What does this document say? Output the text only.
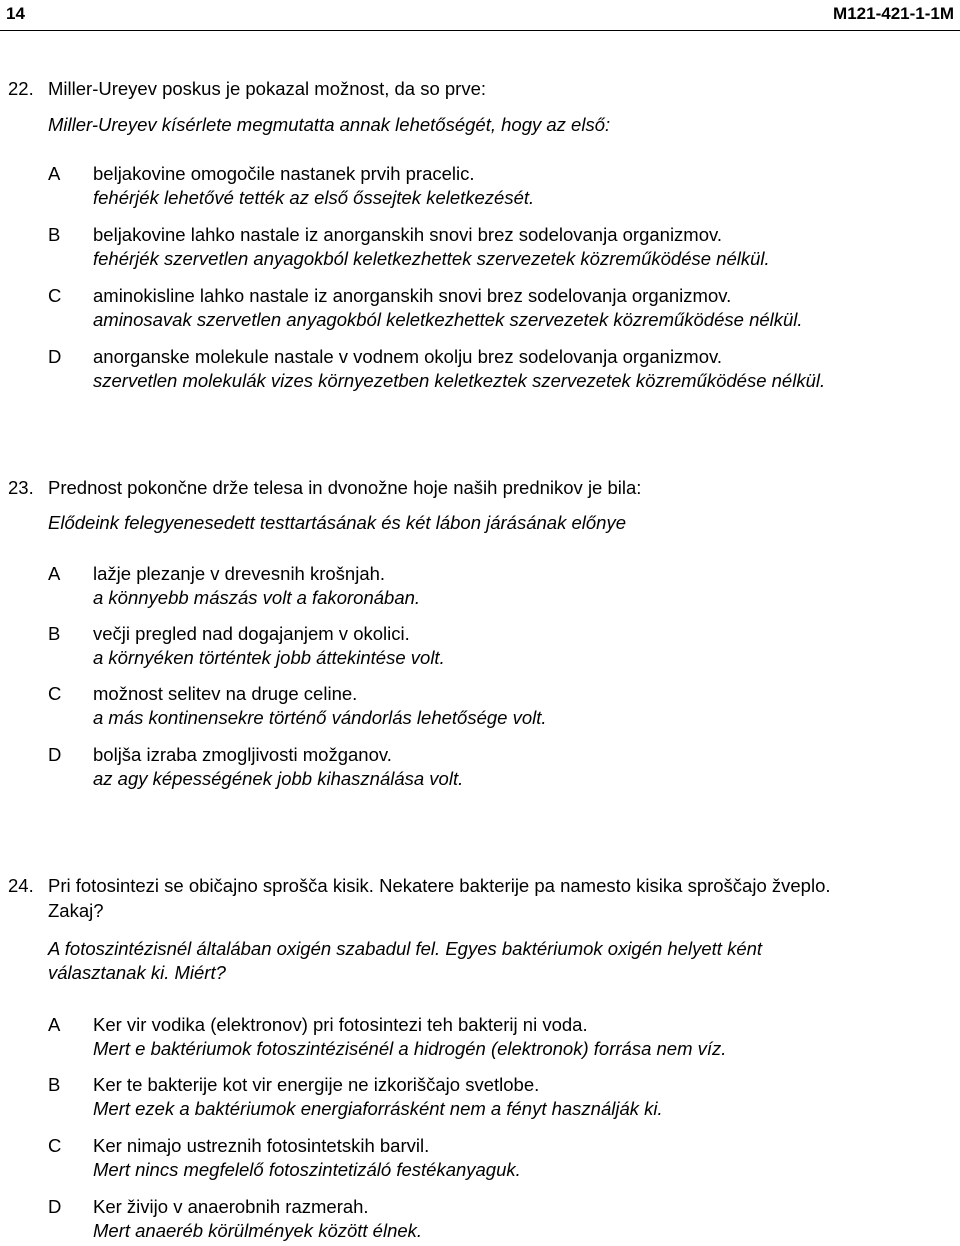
14	M121-421-1-1M
22. Miller-Ureyev poskus je pokazal možnost, da so prve:
Miller-Ureyev kísérlete megmutatta annak lehetőségét, hogy az első:
A beljakovine omogočile nastanek prvih pracelic.
fehérjék lehetővé tették az első őssejtek keletkezését.
B beljakovine lahko nastale iz anorganskih snovi brez sodelovanja organizmov.
fehérjék szervetlen anyagokból keletkezhettek szervezetek közreműködése nélkül.
C aminokisline lahko nastale iz anorganskih snovi brez sodelovanja organizmov.
aminosavak szervetlen anyagokból keletkezhettek szervezetek közreműködése nélkül.
D anorganske molekule nastale v vodnem okolju brez sodelovanja organizmov.
szervetlen molekulák vizes környezetben keletkeztek szervezetek közreműködése nélkül.
23. Prednost pokončne drže telesa in dvonožne hoje naših prednikov je bila:
Elődeink felegyenesedett testtartásának és két lábon járásának előnye
A lažje plezanje v drevesnih krošnjah.
a könnyebb mászás volt a fakoronában.
B večji pregled nad dogajanjem v okolici.
a környéken történtek jobb áttekintése volt.
C možnost selitev na druge celine.
a más kontinensekre történő vándorlás lehetősége volt.
D boljša izraba zmogljivosti možganov.
az agy képességének jobb kihasználása volt.
24. Pri fotosintezi se običajno sprošča kisik. Nekatere bakterije pa namesto kisika sproščajo žveplo.
Zakaj?
A fotoszintézisnél általában oxigén szabadul fel. Egyes baktériumok oxigén helyett ként
választanak ki. Miért?
A Ker vir vodika (elektronov) pri fotosintezi teh bakterij ni voda.
Mert e baktériumok fotoszintézisénél a hidrogén (elektronok) forrása nem víz.
B Ker te bakterije kot vir energije ne izkoriščajo svetlobe.
Mert ezek a baktériumok energiaforrásként nem a fényt használják ki.
C Ker nimajo ustreznih fotosintetskih barvil.
Mert nincs megfelelő fotoszintetizáló festékanyaguk.
D Ker živijo v anaerobnih razmerah.
Mert anaeréb körülmények között élnek.
